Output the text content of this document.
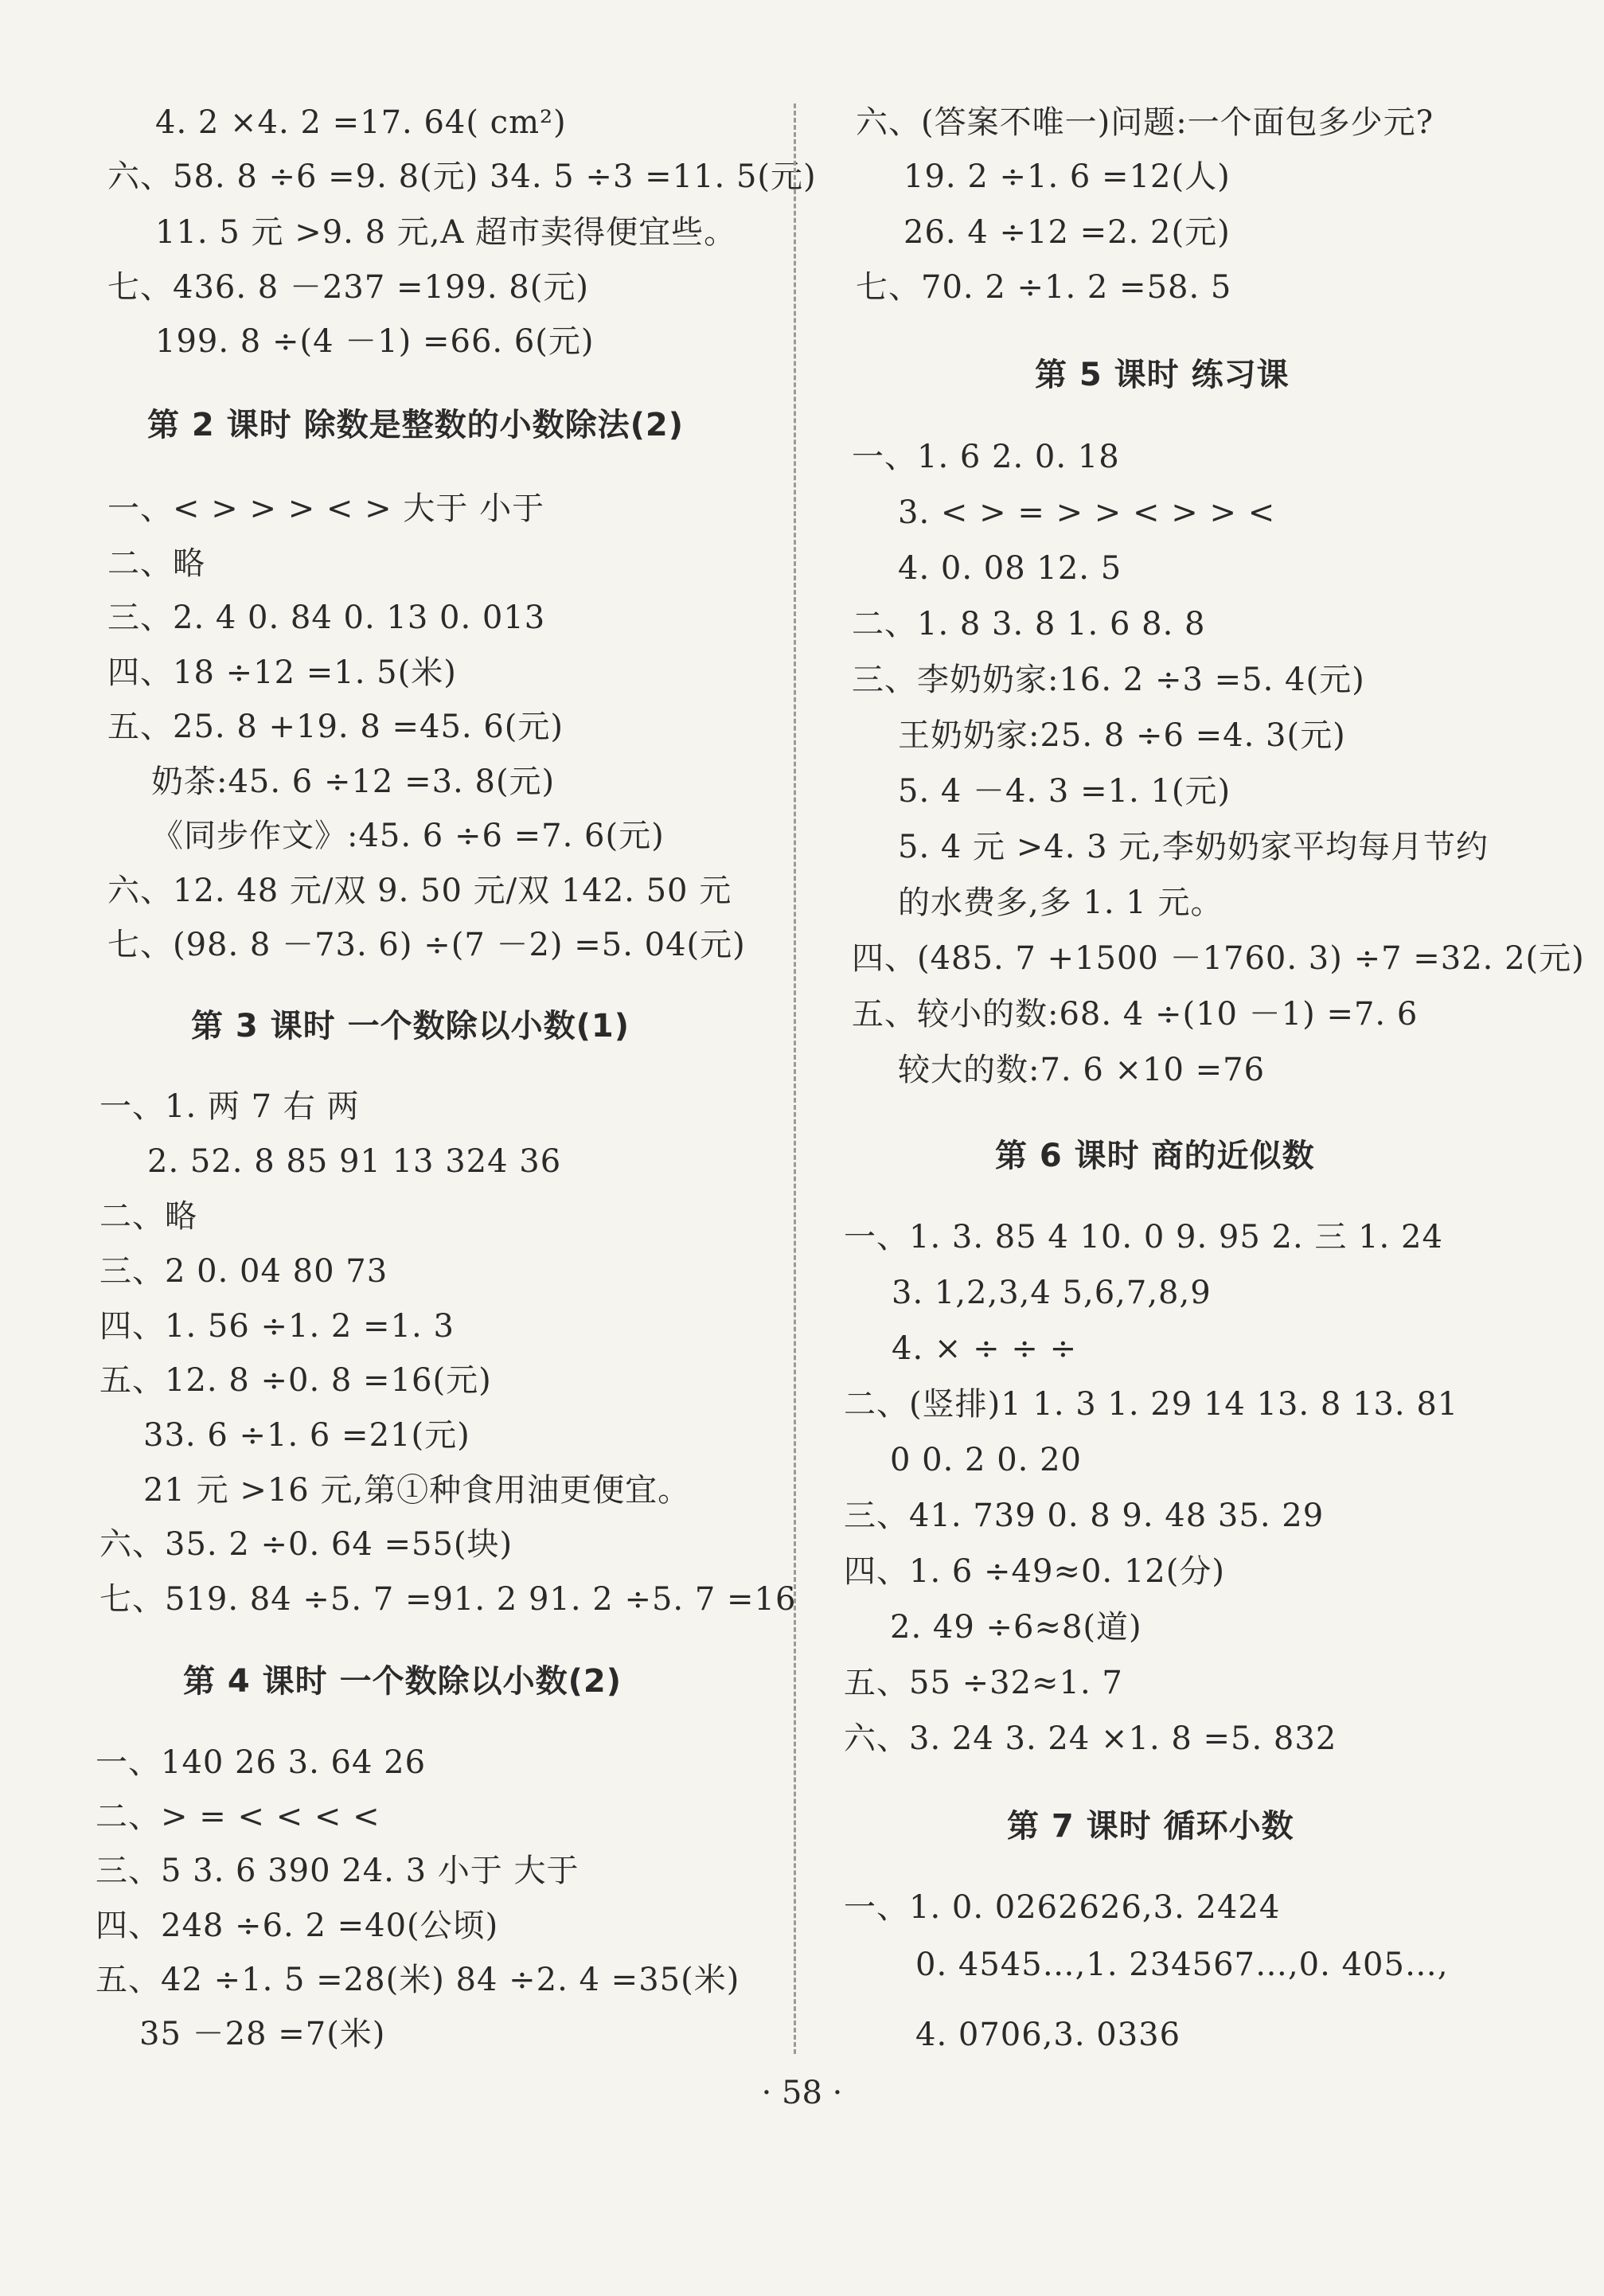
4. 2 ×4. 2 =17. 64( cm²)
六、58. 8 ÷6 =9. 8(元) 34. 5 ÷3 =11. 5(元)
11. 5 元 >9. 8 元,A 超市卖得便宜些。
七、436. 8 －237 =199. 8(元)
199. 8 ÷(4 －1) =66. 6(元)
第 2 课时 除数是整数的小数除法(2)
一、< > > > < > 大于 小于
二、略
三、2. 4 0. 84 0. 13 0. 013
四、18 ÷12 =1. 5(米)
五、25. 8 +19. 8 =45. 6(元)
奶茶:45. 6 ÷12 =3. 8(元)
《同步作文》:45. 6 ÷6 =7. 6(元)
六、12. 48 元/双 9. 50 元/双 142. 50 元
七、(98. 8 －73. 6) ÷(7 －2) =5. 04(元)
第 3 课时 一个数除以小数(1)
一、1. 两 7 右 两
2. 52. 8 85 91 13 324 36
二、略
三、2 0. 04 80 73
四、1. 56 ÷1. 2 =1. 3
五、12. 8 ÷0. 8 =16(元)
33. 6 ÷1. 6 =21(元)
21 元 >16 元,第①种食用油更便宜。
六、35. 2 ÷0. 64 =55(块)
七、519. 84 ÷5. 7 =91. 2 91. 2 ÷5. 7 =16
第 4 课时 一个数除以小数(2)
一、140 26 3. 64 26
二、> = < < < <
三、5 3. 6 390 24. 3 小于 大于
四、248 ÷6. 2 =40(公顷)
五、42 ÷1. 5 =28(米) 84 ÷2. 4 =35(米)
35 －28 =7(米)
六、(答案不唯一)问题:一个面包多少元?
19. 2 ÷1. 6 =12(人)
26. 4 ÷12 =2. 2(元)
七、70. 2 ÷1. 2 =58. 5
第 5 课时 练习课
一、1. 6 2. 0. 18
3. < > = > > < > > <
4. 0. 08 12. 5
二、1. 8 3. 8 1. 6 8. 8
三、李奶奶家:16. 2 ÷3 =5. 4(元)
王奶奶家:25. 8 ÷6 =4. 3(元)
5. 4 －4. 3 =1. 1(元)
5. 4 元 >4. 3 元,李奶奶家平均每月节约
的水费多,多 1. 1 元。
四、(485. 7 +1500 －1760. 3) ÷7 =32. 2(元)
五、较小的数:68. 4 ÷(10 －1) =7. 6
较大的数:7. 6 ×10 =76
第 6 课时 商的近似数
一、1. 3. 85 4 10. 0 9. 95 2. 三 1. 24
3. 1,2,3,4 5,6,7,8,9
4. × ÷ ÷ ÷
二、(竖排)1 1. 3 1. 29 14 13. 8 13. 81
0 0. 2 0. 20
三、41. 739 0. 8 9. 48 35. 29
四、1. 6 ÷49≈0. 12(分)
2. 49 ÷6≈8(道)
五、55 ÷32≈1. 7
六、3. 24 3. 24 ×1. 8 =5. 832
第 7 课时 循环小数
一、1. 0. 0262626,3. 2424
0. 4545…,1. 234567…,0. 405…,
4. 0706,3. 0336
· 58 ·
